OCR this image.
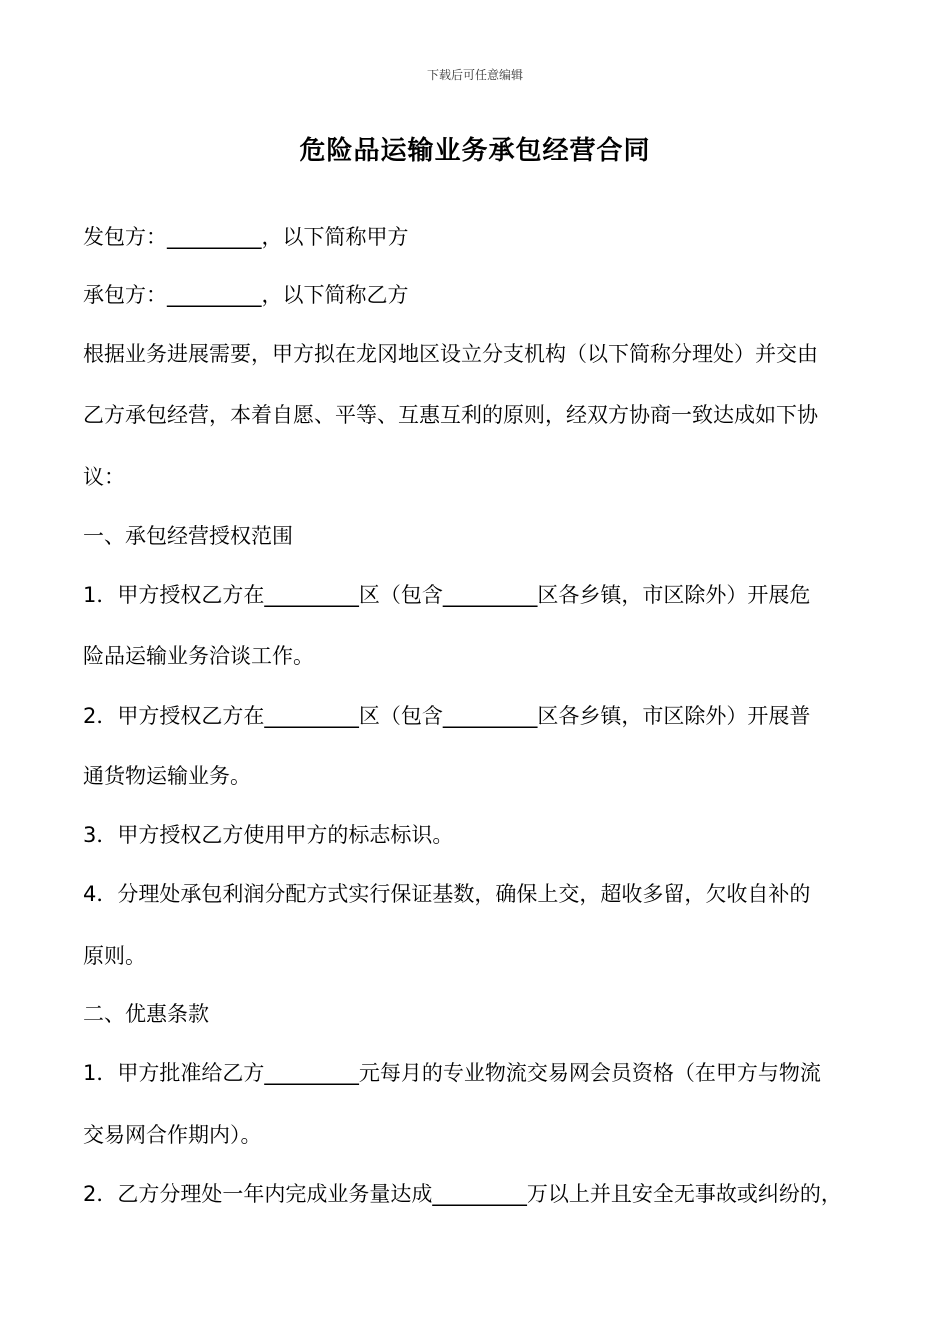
下载后可任意编辑
危险品运输业务承包经营合同
发包方：_________，以下简称甲方
承包方：_________，以下简称乙方
根据业务进展需要，甲方拟在龙冈地区设立分支机构（以下简称分理处）并交由
乙方承包经营，本着自愿、平等、互惠互利的原则，经双方协商一致达成如下协
议：
一、承包经营授权范围
1．甲方授权乙方在_________区（包含_________区各乡镇，市区除外）开展危
险品运输业务洽谈工作。
2．甲方授权乙方在_________区（包含_________区各乡镇，市区除外）开展普
通货物运输业务。
3．甲方授权乙方使用甲方的标志标识。
4．分理处承包利润分配方式实行保证基数，确保上交，超收多留，欠收自补的
原则。
二、优惠条款
1．甲方批准给乙方_________元每月的专业物流交易网会员资格（在甲方与物流
交易网合作期内）。
2．乙方分理处一年内完成业务量达成_________万以上并且安全无事故或纠纷的，
